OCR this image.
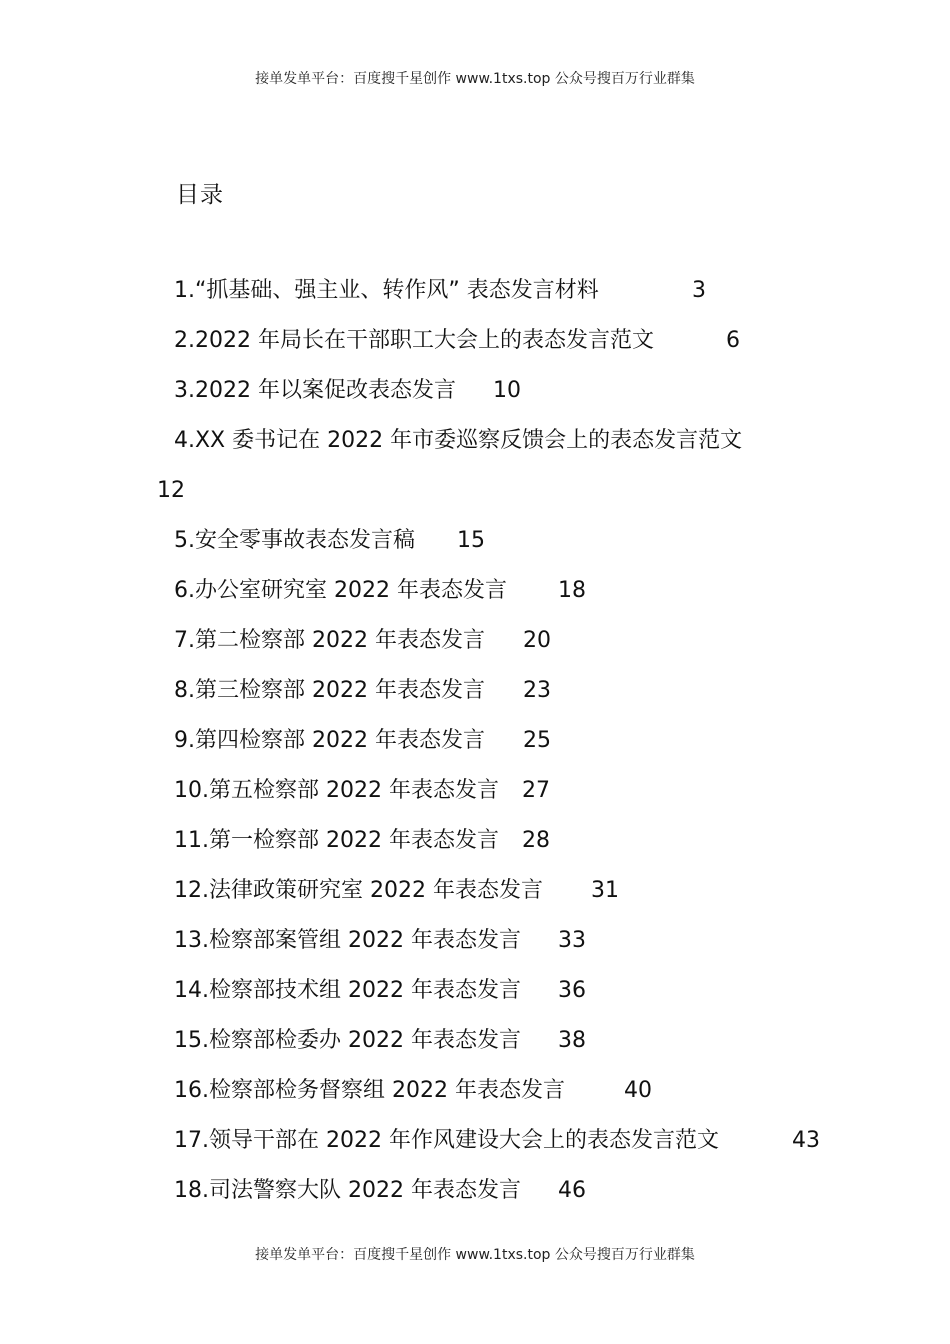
接单发单平台：百度搜千星创作 www.1txs.top 公众号搜百万行业群集
目录
1.“抓基础、强主业、转作风” 表态发言材料	3
2.2022 年局长在干部职工大会上的表态发言范文	6
3.2022 年以案促改表态发言 10
4.XX 委书记在 2022 年市委巡察反馈会上的表态发言范文
12
5.安全零事故表态发言稿 15
6.办公室研究室 2022 年表态发言 18
7.第二检察部 2022 年表态发言 20
8.第三检察部 2022 年表态发言 23
9.第四检察部 2022 年表态发言 25
10.第五检察部 2022 年表态发言 27
11.第一检察部 2022 年表态发言 28
12.法律政策研究室 2022 年表态发言 31
13.检察部案管组 2022 年表态发言 33
14.检察部技术组 2022 年表态发言 36
15.检察部检委办 2022 年表态发言 38
16.检察部检务督察组 2022 年表态发言	40
17.领导干部在 2022 年作风建设大会上的表态发言范文	43
18.司法警察大队 2022 年表态发言 46
接单发单平台：百度搜千星创作 www.1txs.top 公众号搜百万行业群集
